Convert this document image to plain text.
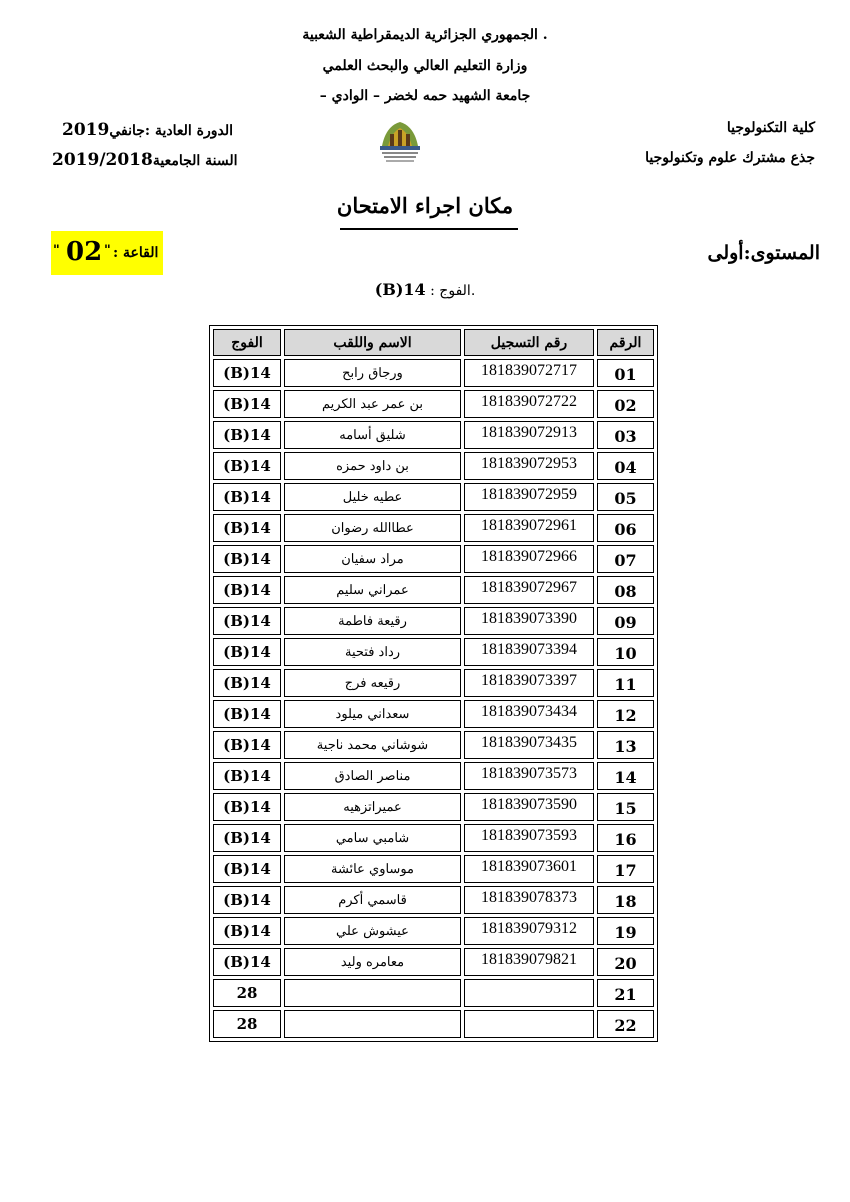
. الجمهوري الجزائرية الديمقراطية الشعبية
وزارة التعليم العالي والبحث العلمي
جامعة الشهيد حمه لخضر – الوادي –
كلية التكنولوجيا
جذع مشترك علوم وتكنولوجيا
2019الدورة العادية :جانفي
2019/2018السنة الجامعية
مكان اجراء الامتحان
المستوى:أولى
" 02 " القاعة :
.الفوج : 14(B)
الفوج	الاسم واللقب	رقم التسجيل	الرقم
(B)14	ورجاق رابح	181839072717	01
(B)14	بن عمر عبد الكريم	181839072722	02
(B)14	شليق أسامه	181839072913	03
(B)14	بن داود حمزه	181839072953	04
(B)14	عطيه خليل	181839072959	05
(B)14	عطاالله رضوان	181839072961	06
(B)14	مراد سفيان	181839072966	07
(B)14	عمراني سليم	181839072967	08
(B)14	رقيعة فاطمة	181839073390	09
(B)14	رداد فتحية	181839073394	10
(B)14	رقيعه فرج	181839073397	11
(B)14	سعداني ميلود	181839073434	12
(B)14	شوشاني محمد ناجية	181839073435	13
(B)14	مناصر الصادق	181839073573	14
(B)14	عميراتزهيه	181839073590	15
(B)14	شامبي سامي	181839073593	16
(B)14	موساوي عائشة	181839073601	17
(B)14	قاسمي أكرم	181839078373	18
(B)14	عيشوش علي	181839079312	19
(B)14	معامره وليد	181839079821	20
28			21
28			22
